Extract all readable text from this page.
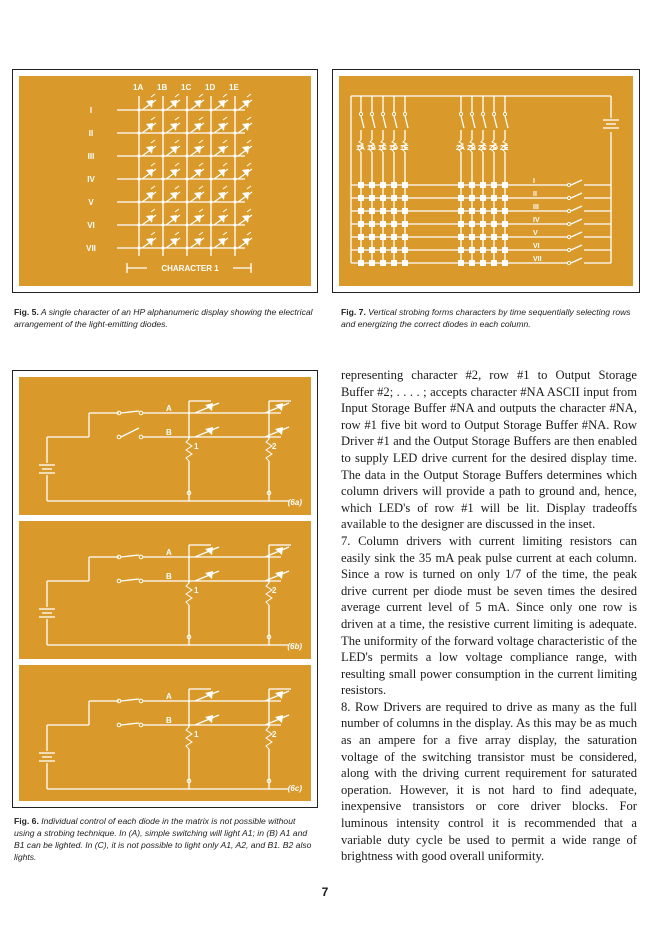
1A 1B 1C 1D 1E
I
II
III
IV
V
VI
VII
CHARACTER 1
Fig. 5. A single character of an HP alphanumeric display showing the electrical arrangement of the light-emitting diodes.
1A 1B 1C 1D 1E	2A 2B 2C 2D 2E
I
II
III
IV
V
VI
VII
Fig. 7. Vertical strobing forms characters by time sequentially selecting rows and energizing the correct diodes in each column.
A
B
1	2
(6a)
A
B
1	2
(6b)
A
B
1	2
(6c)
Fig. 6. Individual control of each diode in the matrix is not possible without using a strobing technique. In (A), simple switching will light A1; in (B) A1 and B1 can be lighted. In (C), it is not possible to light only A1, A2, and B1. B2 also lights.

representing character #2, row #1 to Output Storage Buffer #2; . . . . ; accepts character #NA ASCII input from Input Storage Buffer #NA and outputs the character #NA, row #1 five bit word to Output Storage Buffer #NA. Row Driver #1 and the Output Storage Buffers are then enabled to supply LED drive current for the desired display time. The data in the Output Storage Buffers determines which column drivers will provide a path to ground and, hence, which LED's of row #1 will be lit. Display tradeoffs available to the designer are discussed in the inset.

7. Column drivers with current limiting resistors can easily sink the 35 mA peak pulse current at each column. Since a row is turned on only 1/7 of the time, the peak drive current per diode must be seven times the desired average current level of 5 mA. Since only one row is driven at a time, the resistive current limiting is adequate. The uniformity of the forward voltage characteristic of the LED's permits a low voltage compliance range, with resulting small power consumption in the current limiting resistors.

8. Row Drivers are required to drive as many as the full number of columns in the display. As this may be as much as an ampere for a five array display, the saturation voltage of the switching transistor must be considered, along with the driving current requirement for saturated operation. However, it is not hard to find adequate, inexpensive transistors or core driver blocks. For luminous intensity control it is recommended that a variable duty cycle be used to permit a wide range of brightness with good overall uniformity.

7
